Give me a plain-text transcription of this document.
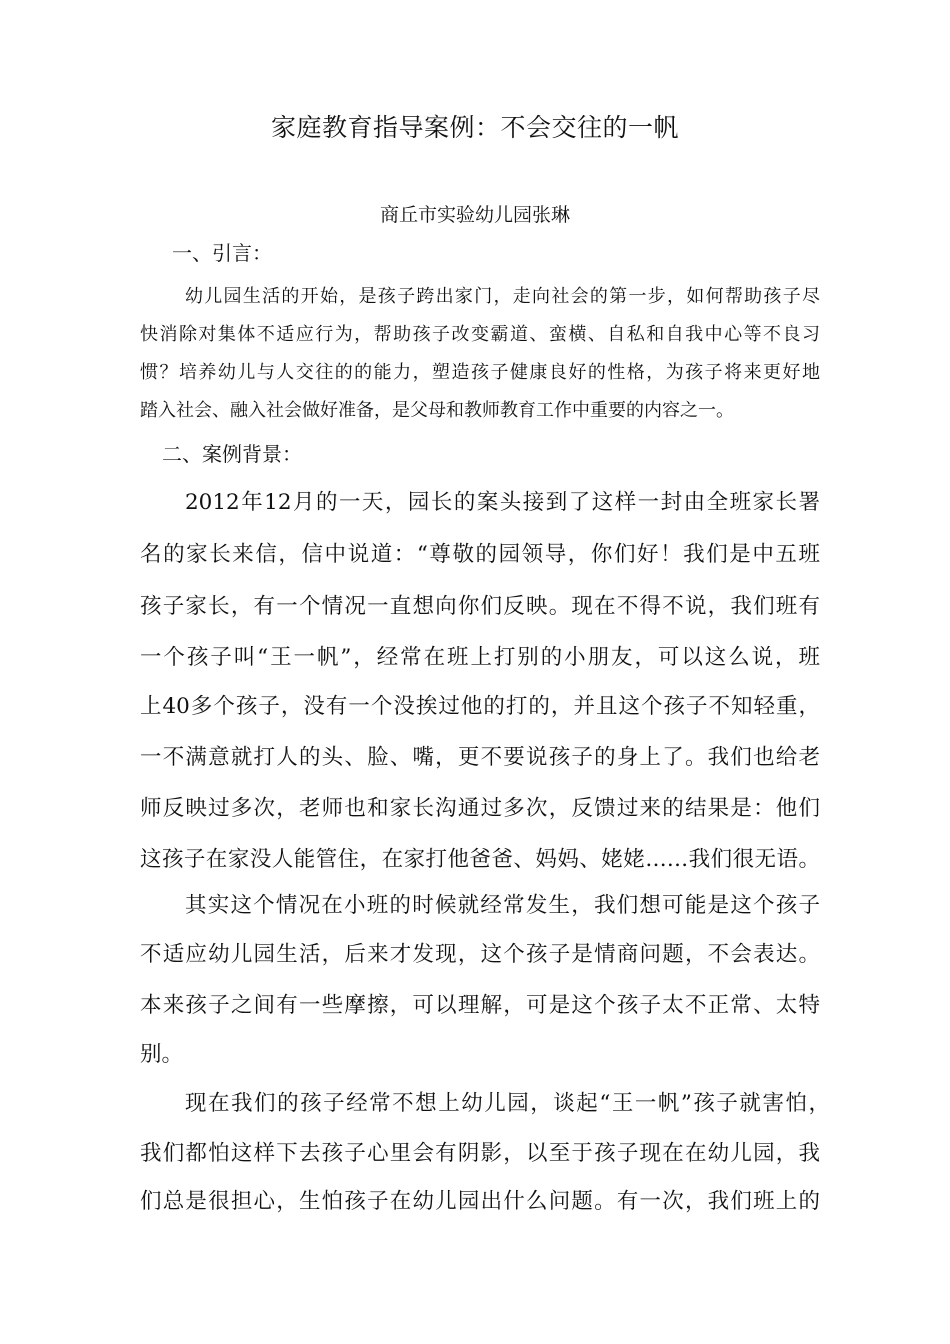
家庭教育指导案例：不会交往的一帆
商丘市实验幼儿园张琳
一、引言：
幼儿园生活的开始，是孩子跨出家门，走向社会的第一步，如何帮助孩子尽
快消除对集体不适应行为，帮助孩子改变霸道、蛮横、自私和自我中心等不良习
惯？培养幼儿与人交往的的能力，塑造孩子健康良好的性格，为孩子将来更好地
踏入社会、融入社会做好准备，是父母和教师教育工作中重要的内容之一。
二、案例背景：
2012年12月的一天，园长的案头接到了这样一封由全班家长署
名的家长来信，信中说道：“尊敬的园领导，你们好！我们是中五班
孩子家长，有一个情况一直想向你们反映。现在不得不说，我们班有
一个孩子叫“王一帆”，经常在班上打别的小朋友，可以这么说，班
上40多个孩子，没有一个没挨过他的打的，并且这个孩子不知轻重，
一不满意就打人的头、脸、嘴，更不要说孩子的身上了。我们也给老
师反映过多次，老师也和家长沟通过多次，反馈过来的结果是：他们
这孩子在家没人能管住，在家打他爸爸、妈妈、姥姥……我们很无语。
其实这个情况在小班的时候就经常发生，我们想可能是这个孩子
不适应幼儿园生活，后来才发现，这个孩子是情商问题，不会表达。
本来孩子之间有一些摩擦，可以理解，可是这个孩子太不正常、太特
别。
现在我们的孩子经常不想上幼儿园，谈起“王一帆”孩子就害怕，
我们都怕这样下去孩子心里会有阴影，以至于孩子现在在幼儿园，我
们总是很担心，生怕孩子在幼儿园出什么问题。有一次，我们班上的
